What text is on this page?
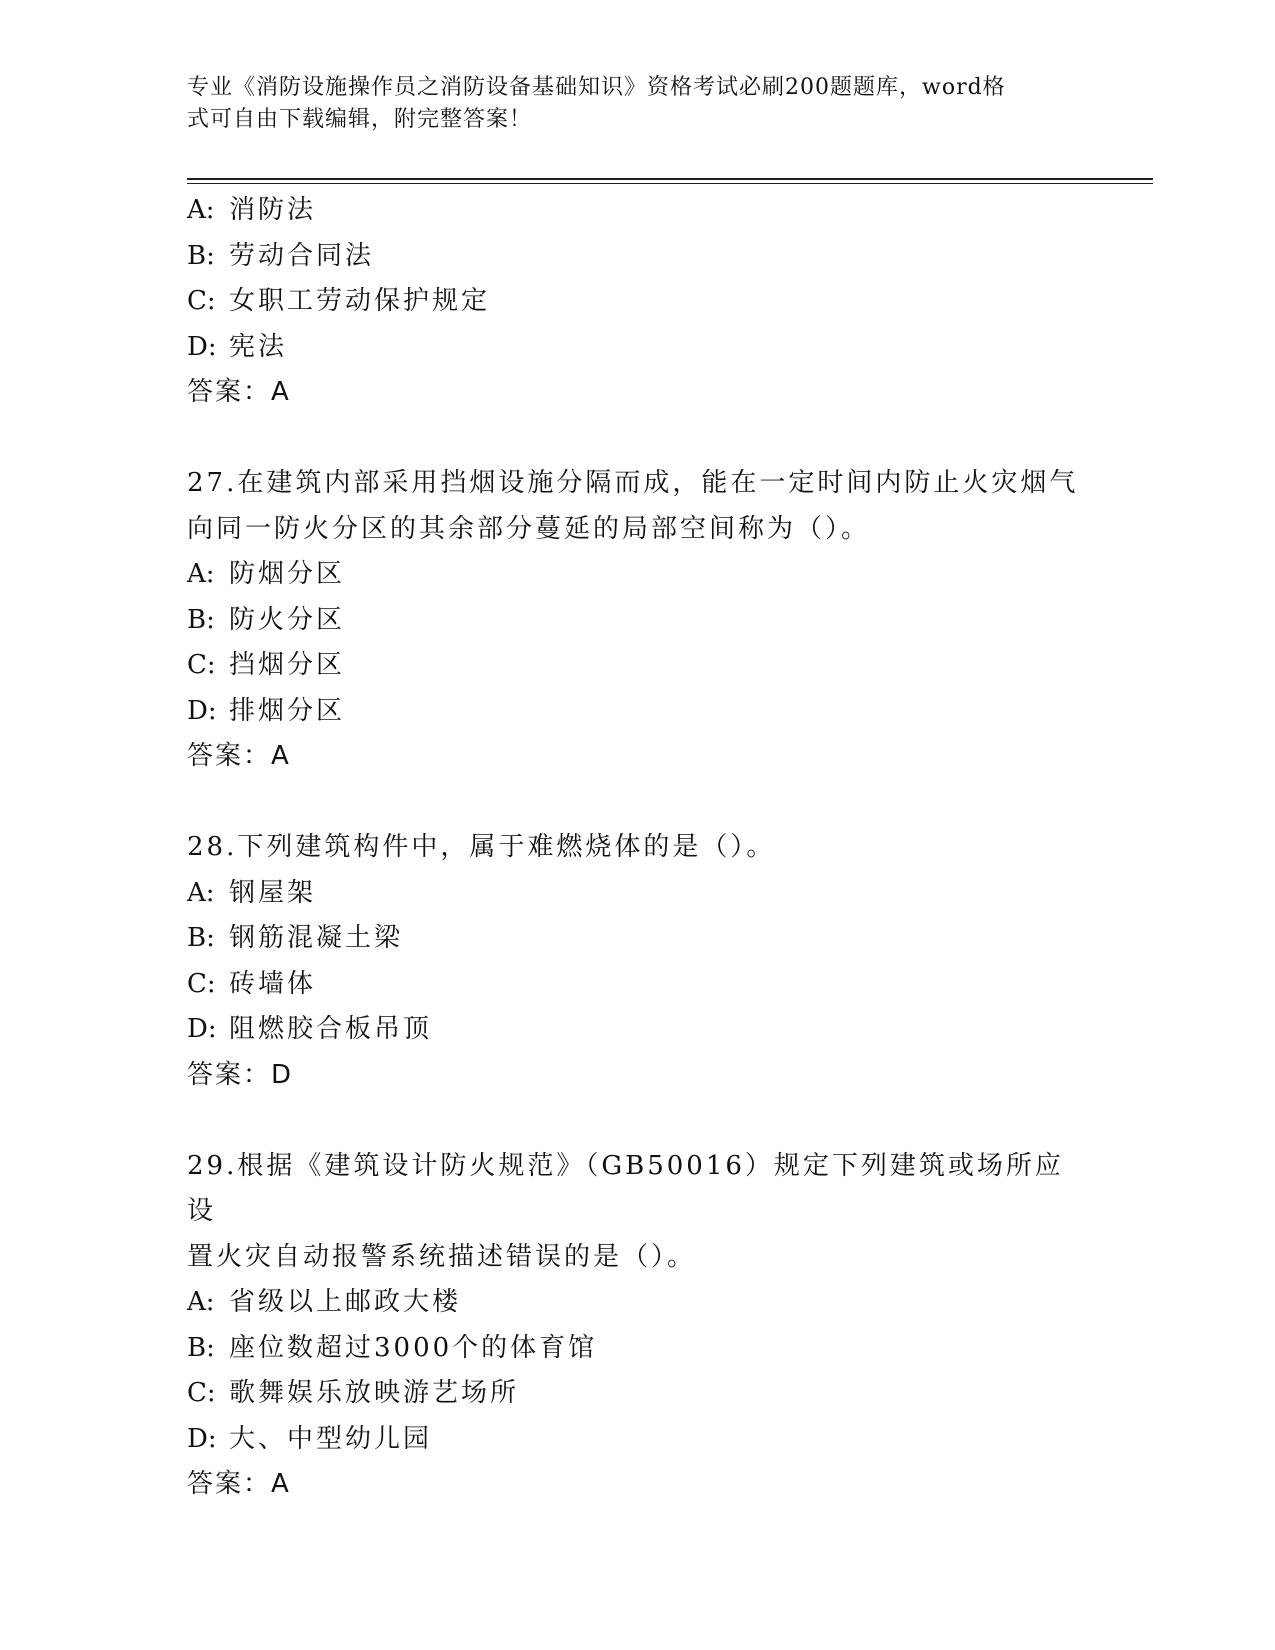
专业《消防设施操作员之消防设备基础知识》资格考试必刷200题题库，word格
式可自由下载编辑，附完整答案！
A: 消防法
B: 劳动合同法
C: 女职工劳动保护规定
D: 宪法
答案：A
27.在建筑内部采用挡烟设施分隔而成，能在一定时间内防止火灾烟气
向同一防火分区的其余部分蔓延的局部空间称为（）。
A: 防烟分区
B: 防火分区
C: 挡烟分区
D: 排烟分区
答案：A
28.下列建筑构件中，属于难燃烧体的是（）。
A: 钢屋架
B: 钢筋混凝土梁
C: 砖墙体
D: 阻燃胶合板吊顶
答案：D
29.根据《建筑设计防火规范》（GB50016）规定下列建筑或场所应设
置火灾自动报警系统描述错误的是（）。
A: 省级以上邮政大楼
B: 座位数超过3000个的体育馆
C: 歌舞娱乐放映游艺场所
D: 大、中型幼儿园
答案：A
